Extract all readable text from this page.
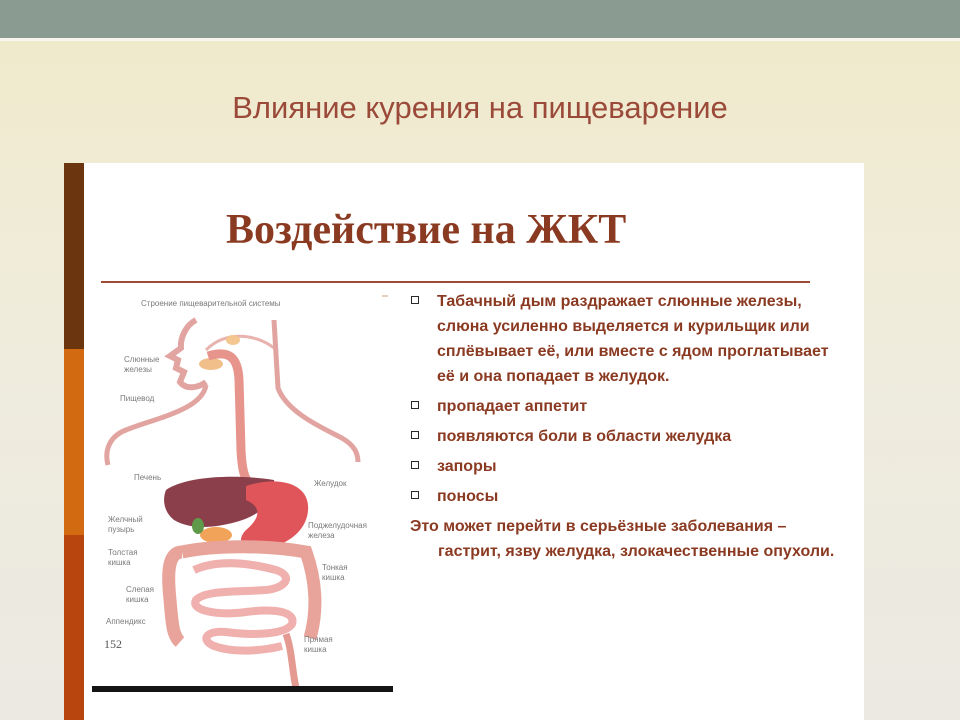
Влияние курения на пищеварение
Воздействие на ЖКТ
Строение пищеварительной системы
Слюнные
железы
Пищевод
Печень
Желудок
Желчный
пузырь	Поджелудочная
железа
Толстая
кишка
Тонкая
кишка
Слепая
кишка
Аппендикс
Прямая
кишка
152
Табачный дым раздражает слюнные железы, слюна усиленно выделяется и курильщик или сплёвывает её, или вместе с ядом проглатывает её и она попадает в желудок.
пропадает аппетит
появляются боли в области желудка
запоры
поносы
Это может перейти в серьёзные заболевания – гастрит, язву желудка, злокачественные опухоли.
